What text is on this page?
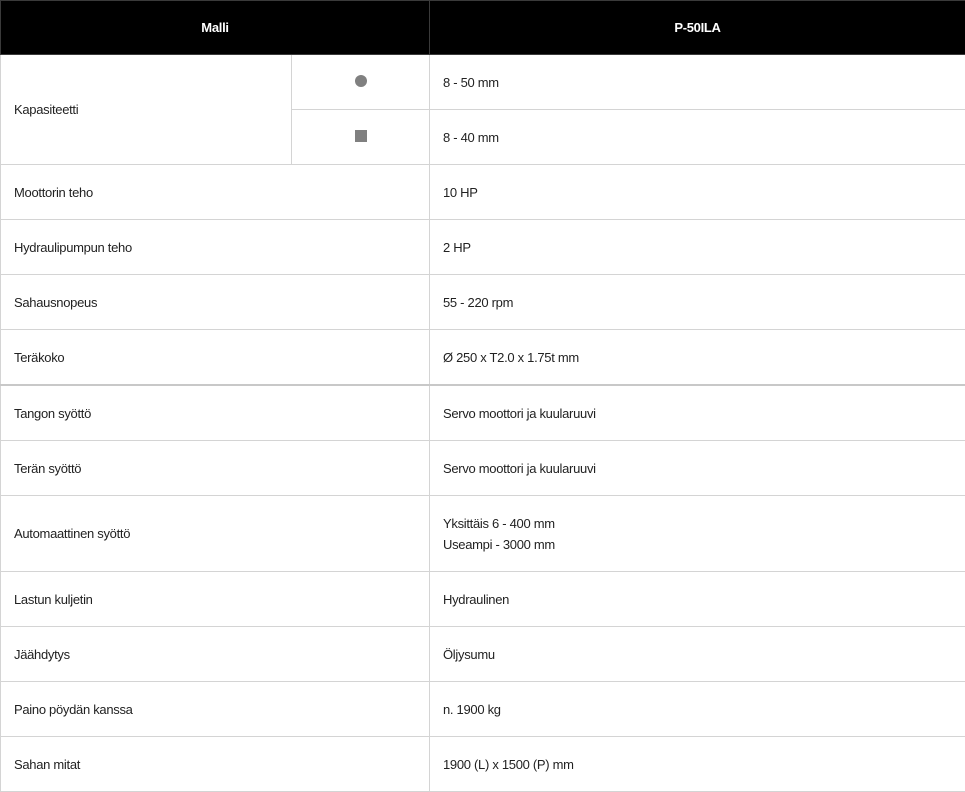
Malli		P-50ILA
Kapasiteetti		8 - 50 mm
		8 - 40 mm
Moottorin teho		10 HP
Hydraulipumpun teho		2 HP
Sahausnopeus		55 - 220 rpm
Teräkoko		Ø 250 x T2.0 x 1.75t mm
Tangon syöttö		Servo moottori ja kuularuuvi
Terän syöttö		Servo moottori ja kuularuuvi
Automaattinen syöttö		Yksittäis 6 - 400 mm
Useampi - 3000 mm

Lastun kuljetin		Hydraulinen
Jäähdytys		Öljysumu
Paino pöydän kanssa		n. 1900 kg
Sahan mitat		1900 (L) x 1500 (P) mm
